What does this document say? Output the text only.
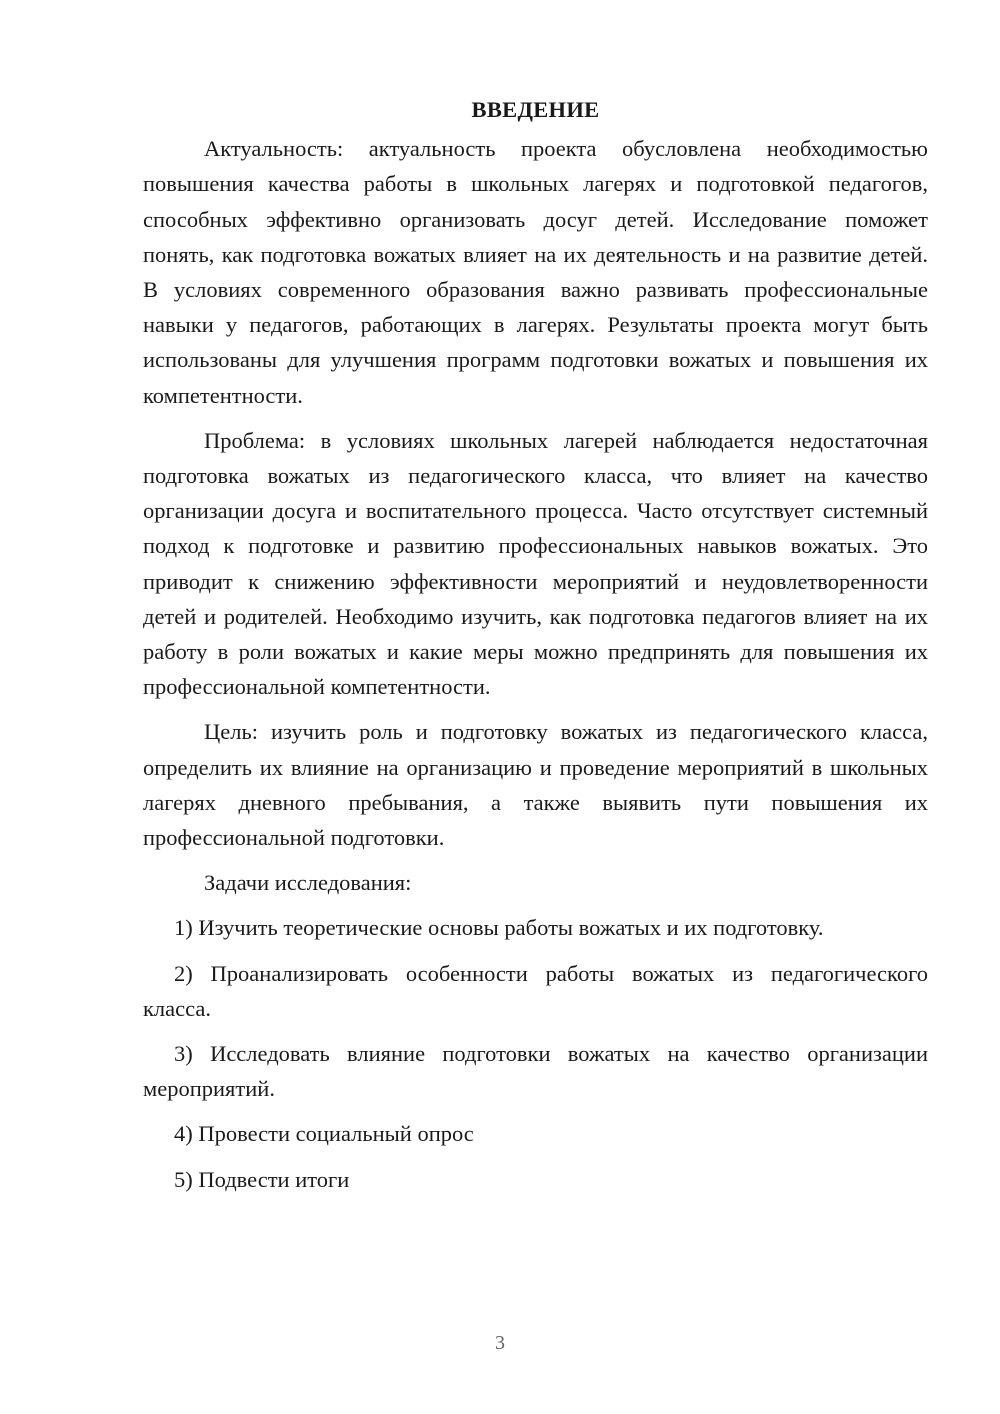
ВВЕДЕНИЕ

Актуальность: актуальность проекта обусловлена необходимостью повышения качества работы в школьных лагерях и подготовкой педагогов, способных эффективно организовать досуг детей. Исследование поможет понять, как подготовка вожатых влияет на их деятельность и на развитие детей. В условиях современного образования важно развивать профессиональные навыки у педагогов, работающих в лагерях. Результаты проекта могут быть использованы для улучшения программ подготовки вожатых и повышения их компетентности.

Проблема: в условиях школьных лагерей наблюдается недостаточная подготовка вожатых из педагогического класса, что влияет на качество организации досуга и воспитательного процесса. Часто отсутствует системный подход к подготовке и развитию профессиональных навыков вожатых. Это приводит к снижению эффективности мероприятий и неудовлетворенности детей и родителей. Необходимо изучить, как подготовка педагогов влияет на их работу в роли вожатых и какие меры можно предпринять для повышения их профессиональной компетентности.

Цель: изучить роль и подготовку вожатых из педагогического класса, определить их влияние на организацию и проведение мероприятий в школьных лагерях дневного пребывания, а также выявить пути повышения их профессиональной подготовки.

Задачи исследования:

1) Изучить теоретические основы работы вожатых и их подготовку.

2) Проанализировать особенности работы вожатых из педагогического класса.

3) Исследовать влияние подготовки вожатых на качество организации мероприятий.

4) Провести социальный опрос

5) Подвести итоги

3
